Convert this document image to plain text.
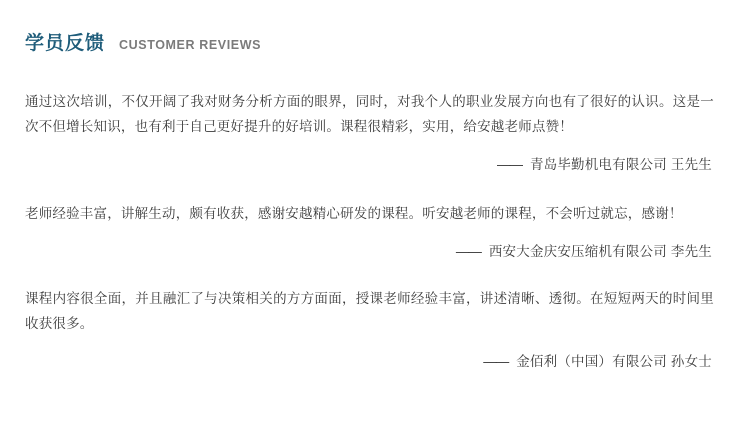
学员反馈 CUSTOMER REVIEWS

通过这次培训，不仅开阔了我对财务分析方面的眼界，同时，对我个人的职业发展方向也有了很好的认识。这是一次不但增长知识，也有利于自己更好提升的好培训。课程很精彩，实用，给安越老师点赞！

—— 青岛毕勤机电有限公司 王先生

老师经验丰富，讲解生动，颇有收获，感谢安越精心研发的课程。听安越老师的课程，不会听过就忘，感谢！

—— 西安大金庆安压缩机有限公司 李先生

课程内容很全面，并且融汇了与决策相关的方方面面，授课老师经验丰富，讲述清晰、透彻。在短短两天的时间里收获很多。

—— 金佰利（中国）有限公司 孙女士
